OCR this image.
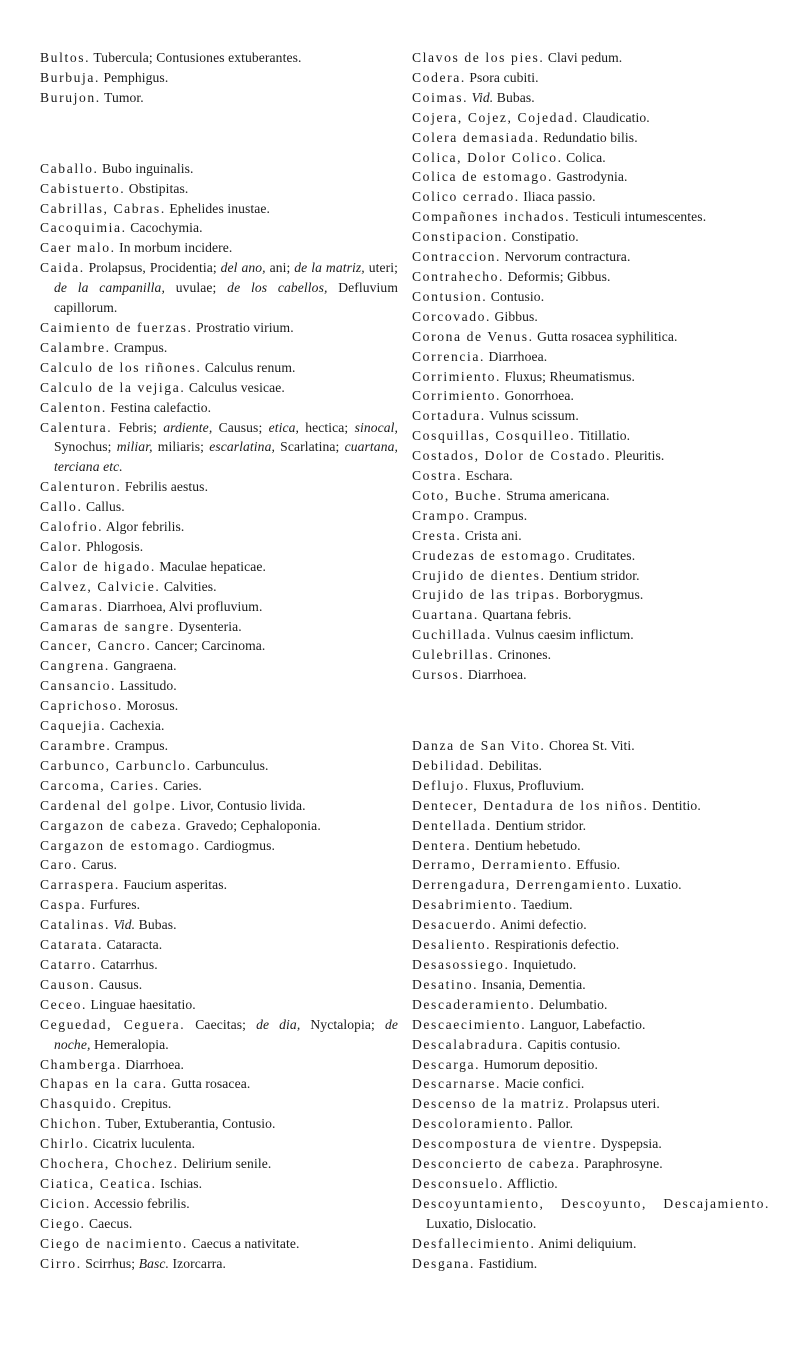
Bultos. Tubercula; Contusiones extuberantes.
Burbuja. Pemphigus.
Burujon. Tumor.
Caballo. Bubo inguinalis.
Cabistuerto. Obstipitas.
Cabrillas, Cabras. Ephelides inustae.
Cacoquimia. Cacochymia.
Caer malo. In morbum incidere.
Caida. Prolapsus, Procidentia; del ano, ani; de la matriz, uteri; de la campanilla, uvulae; de los cabellos, Defluvium capillorum.
Caimiento de fuerzas. Prostratio virium.
Calambre. Crampus.
Calculo de los riñones. Calculus renum.
Calculo de la vejiga. Calculus vesicae.
Calenton. Festina calefactio.
Calentura. Febris; ardiente, Causus; etica, hectica; sinocal, Synochus; miliar, miliaris; escarlatina, Scarlatina; cuartana, terciana etc.
Calenturon. Febrilis aestus.
Callo. Callus.
Calofrio. Algor febrilis.
Calor. Phlogosis.
Calor de higado. Maculae hepaticae.
Calvez, Calvicie. Calvities.
Camaras. Diarrhoea, Alvi profluvium.
Camaras de sangre. Dysenteria.
Cancer, Cancro. Cancer; Carcinoma.
Cangrena. Gangraena.
Cansancio. Lassitudo.
Caprichoso. Morosus.
Caquejia. Cachexia.
Carambre. Crampus.
Carbunco, Carbunclo. Carbunculus.
Carcoma, Caries. Caries.
Cardenal del golpe. Livor, Contusio livida.
Cargazon de cabeza. Gravedo; Cephaloponia.
Cargazon de estomago. Cardiogmus.
Caro. Carus.
Carraspera. Faucium asperitas.
Caspa. Furfures.
Catalinas. Vid. Bubas.
Catarata. Cataracta.
Catarro. Catarrhus.
Causon. Causus.
Ceceo. Linguae haesitatio.
Ceguedad, Ceguera. Caecitas; de dia, Nyctalopia; de noche, Hemeralopia.
Chamberga. Diarrhoea.
Chapas en la cara. Gutta rosacea.
Chasquido. Crepitus.
Chichon. Tuber, Extuberantia, Contusio.
Chirlo. Cicatrix luculenta.
Chochera, Chochez. Delirium senile.
Ciatica, Ceatica. Ischias.
Cicion. Accessio febrilis.
Ciego. Caecus.
Ciego de nacimiento. Caecus a nativitate.
Cirro. Scirrhus; Basc. Izorcarra.
Clavos de los pies. Clavi pedum.
Codera. Psora cubiti.
Coimas. Vid. Bubas.
Cojera, Cojez, Cojedad. Claudicatio.
Colera demasiada. Redundatio bilis.
Colica, Dolor Colico. Colica.
Colica de estomago. Gastrodynia.
Colico cerrado. Iliaca passio.
Compañones inchados. Testiculi intumescentes.
Constipacion. Constipatio.
Contraccion. Nervorum contractura.
Contrahecho. Deformis; Gibbus.
Contusion. Contusio.
Corcovado. Gibbus.
Corona de Venus. Gutta rosacea syphilitica.
Correncia. Diarrhoea.
Corrimiento. Fluxus; Rheumatismus.
Corrimiento. Gonorrhoea.
Cortadura. Vulnus scissum.
Cosquillas, Cosquilleo. Titillatio.
Costados, Dolor de Costado. Pleuritis.
Costra. Eschara.
Coto, Buche. Struma americana.
Crampo. Crampus.
Cresta. Crista ani.
Crudezas de estomago. Cruditates.
Crujido de dientes. Dentium stridor.
Crujido de las tripas. Borborygmus.
Cuartana. Quartana febris.
Cuchillada. Vulnus caesim inflictum.
Culebrillas. Crinones.
Cursos. Diarrhoea.
Danza de San Vito. Chorea St. Viti.
Debilidad. Debilitas.
Deflujo. Fluxus, Profluvium.
Dentecer, Dentadura de los niños. Dentitio.
Dentellada. Dentium stridor.
Dentera. Dentium hebetudo.
Derramo, Derramiento. Effusio.
Derrengadura, Derrengamiento. Luxatio.
Desabrimiento. Taedium.
Desacuerdo. Animi defectio.
Desaliento. Respirationis defectio.
Desasossiego. Inquietudo.
Desatino. Insania, Dementia.
Descaderamiento. Delumbatio.
Descaecimiento. Languor, Labefactio.
Descalabradura. Capitis contusio.
Descarga. Humorum depositio.
Descarnarse. Macie confici.
Descenso de la matriz. Prolapsus uteri.
Descoloramiento. Pallor.
Descompostura de vientre. Dyspepsia.
Desconcierto de cabeza. Paraphrosyne.
Desconsuelo. Afflictio.
Descoyuntamiento, Descoyunto, Descajamiento. Luxatio, Dislocatio.
Desfallecimiento. Animi deliquium.
Desgana. Fastidium.
